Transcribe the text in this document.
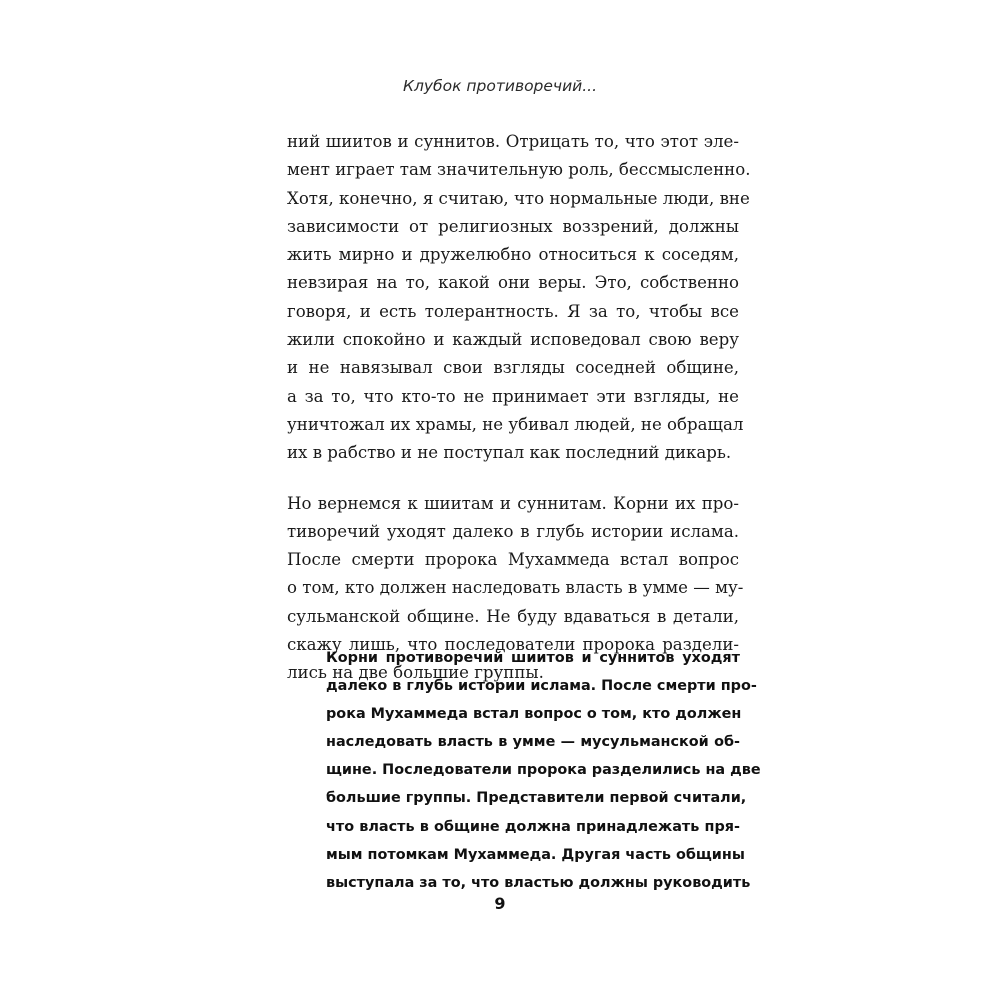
Клубок противоречий...
ний шиитов и суннитов. Отрицать то, что этот эле-
мент играет там значительную роль, бессмысленно.
Хотя, конечно, я считаю, что нормальные люди, вне
зависимости от религиозных воззрений, должны
жить мирно и дружелюбно относиться к соседям,
невзирая на то, какой они веры. Это, собственно
говоря, и есть толерантность. Я за то, чтобы все
жили спокойно и каждый исповедовал свою веру
и не навязывал свои взгляды соседней общине,
а за то, что кто-то не принимает эти взгляды, не
уничтожал их храмы, не убивал людей, не обращал
их в рабство и не поступал как последний дикарь.
Но вернемся к шиитам и суннитам. Корни их про-
тиворечий уходят далеко в глубь истории ислама.
После смерти пророка Мухаммеда встал вопрос
о том, кто должен наследовать власть в умме — му-
сульманской общине. Не буду вдаваться в детали,
скажу лишь, что последователи пророка раздели-
лись на две большие группы.
Корни противоречий шиитов и суннитов уходят
далеко в глубь истории ислама. После смерти про-
рока Мухаммеда встал вопрос о том, кто должен
наследовать власть в умме — мусульманской об-
щине. Последователи пророка разделились на две
большие группы. Представители первой считали,
что власть в общине должна принадлежать пря-
мым потомкам Мухаммеда. Другая часть общины
выступала за то, что властью должны руководить
9
